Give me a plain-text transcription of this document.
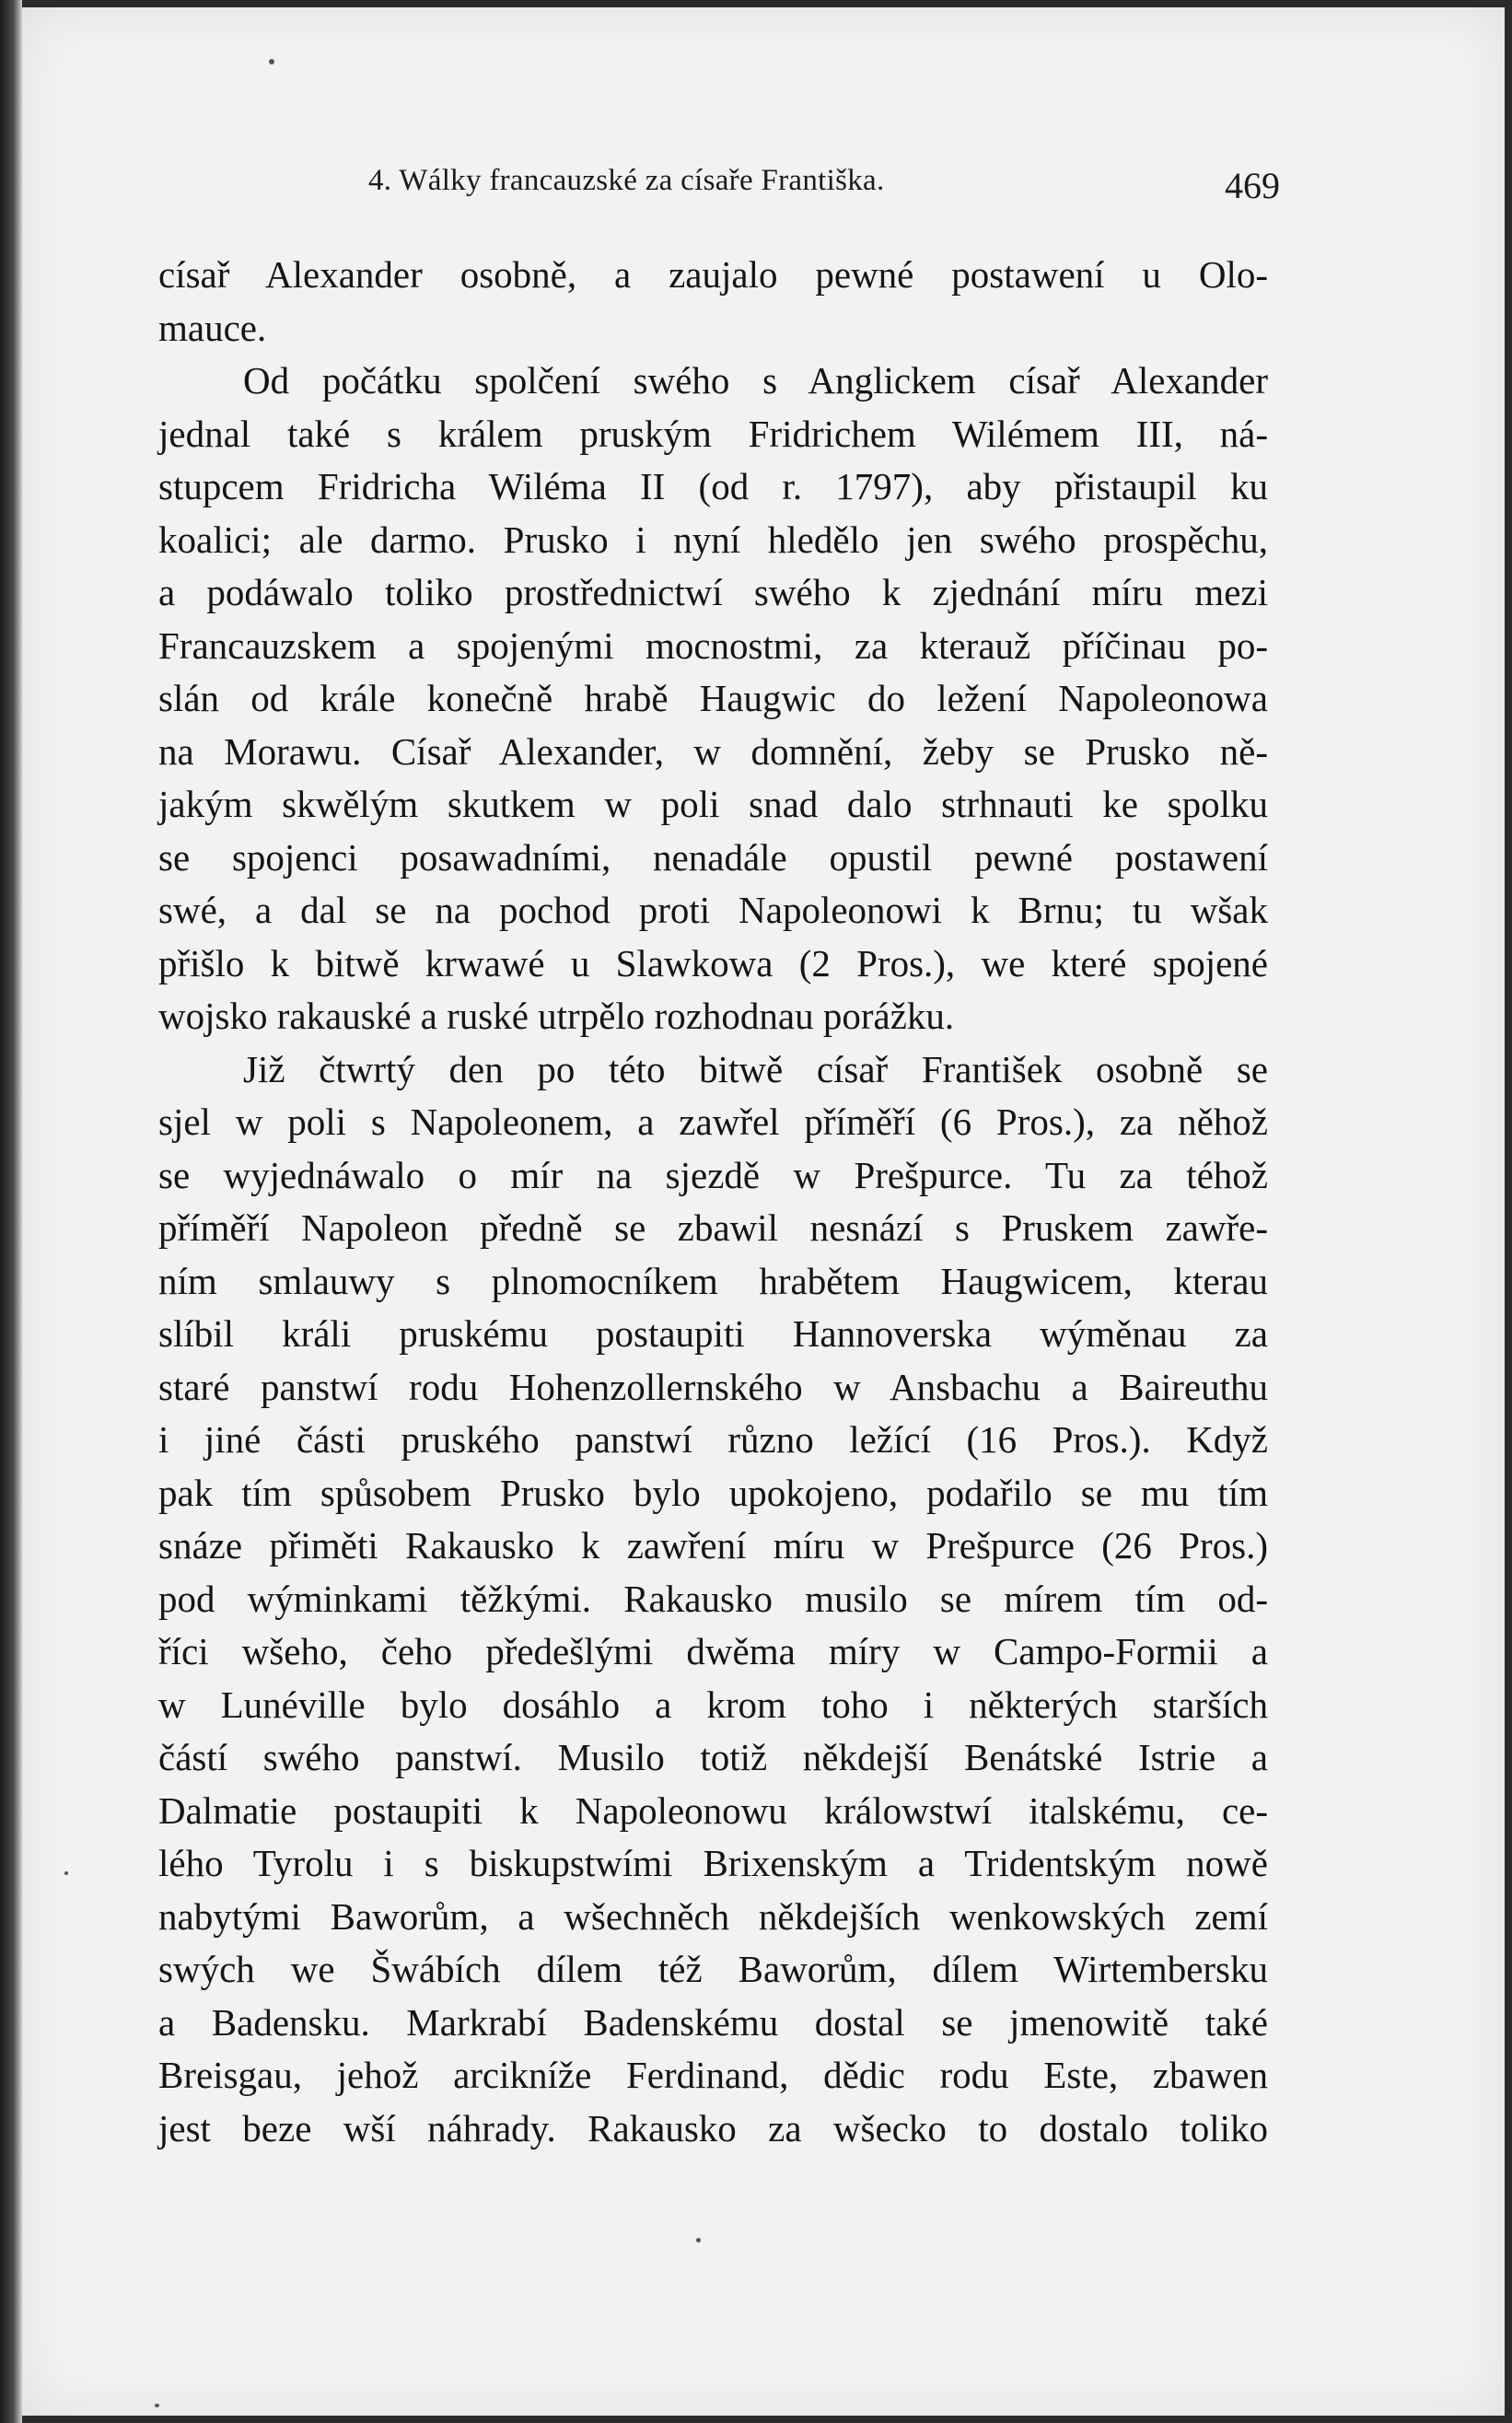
4. Wálky francauzské za císaře Františka.	469
císař Alexander osobně, a zaujalo pewné postawení u Olo-
mauce.
Od počátku spolčení swého s Anglickem císař Alexander
jednal také s králem pruským Fridrichem Wilémem III, ná-
stupcem Fridricha Wiléma II (od r. 1797), aby přistaupil ku
koalici; ale darmo. Prusko i nyní hledělo jen swého prospěchu,
a podáwalo toliko prostřednictwí swého k zjednání míru mezi
Francauzskem a spojenými mocnostmi, za kterauž příčinau po-
slán od krále konečně hrabě Haugwic do ležení Napoleonowa
na Morawu. Císař Alexander, w domnění, žeby se Prusko ně-
jakým skwělým skutkem w poli snad dalo strhnauti ke spolku
se spojenci posawadními, nenadále opustil pewné postawení
swé, a dal se na pochod proti Napoleonowi k Brnu; tu wšak
přišlo k bitwě krwawé u Slawkowa (2 Pros.), we které spojené
wojsko rakauské a ruské utrpělo rozhodnau porážku.
Již čtwrtý den po této bitwě císař František osobně se
sjel w poli s Napoleonem, a zawřel příměří (6 Pros.), za něhož
se wyjednáwalo o mír na sjezdě w Prešpurce. Tu za téhož
příměří Napoleon předně se zbawil nesnází s Pruskem zawře-
ním smlauwy s plnomocníkem hrabětem Haugwicem, kterau
slíbil králi pruskému postaupiti Hannoverska wýměnau za
staré panstwí rodu Hohenzollernského w Ansbachu a Baireuthu
i jiné části pruského panstwí různo ležící (16 Pros.). Když
pak tím spůsobem Prusko bylo upokojeno, podařilo se mu tím
snáze přiměti Rakausko k zawření míru w Prešpurce (26 Pros.)
pod wýminkami těžkými. Rakausko musilo se mírem tím od-
říci wšeho, čeho předešlými dwěma míry w Campo-Formii a
w Lunéville bylo dosáhlo a krom toho i některých starších
částí swého panstwí. Musilo totiž někdejší Benátské Istrie a
Dalmatie postaupiti k Napoleonowu králowstwí italskému, ce-
lého Tyrolu i s biskupstwími Brixenským a Tridentským nowě
nabytými Baworům, a wšechněch někdejších wenkowských zemí
swých we Šwábích dílem též Baworům, dílem Wirtembersku
a Badensku. Markrabí Badenskému dostal se jmenowitě také
Breisgau, jehož arcikníže Ferdinand, dědic rodu Este, zbawen
jest beze wší náhrady. Rakausko za wšecko to dostalo toliko
